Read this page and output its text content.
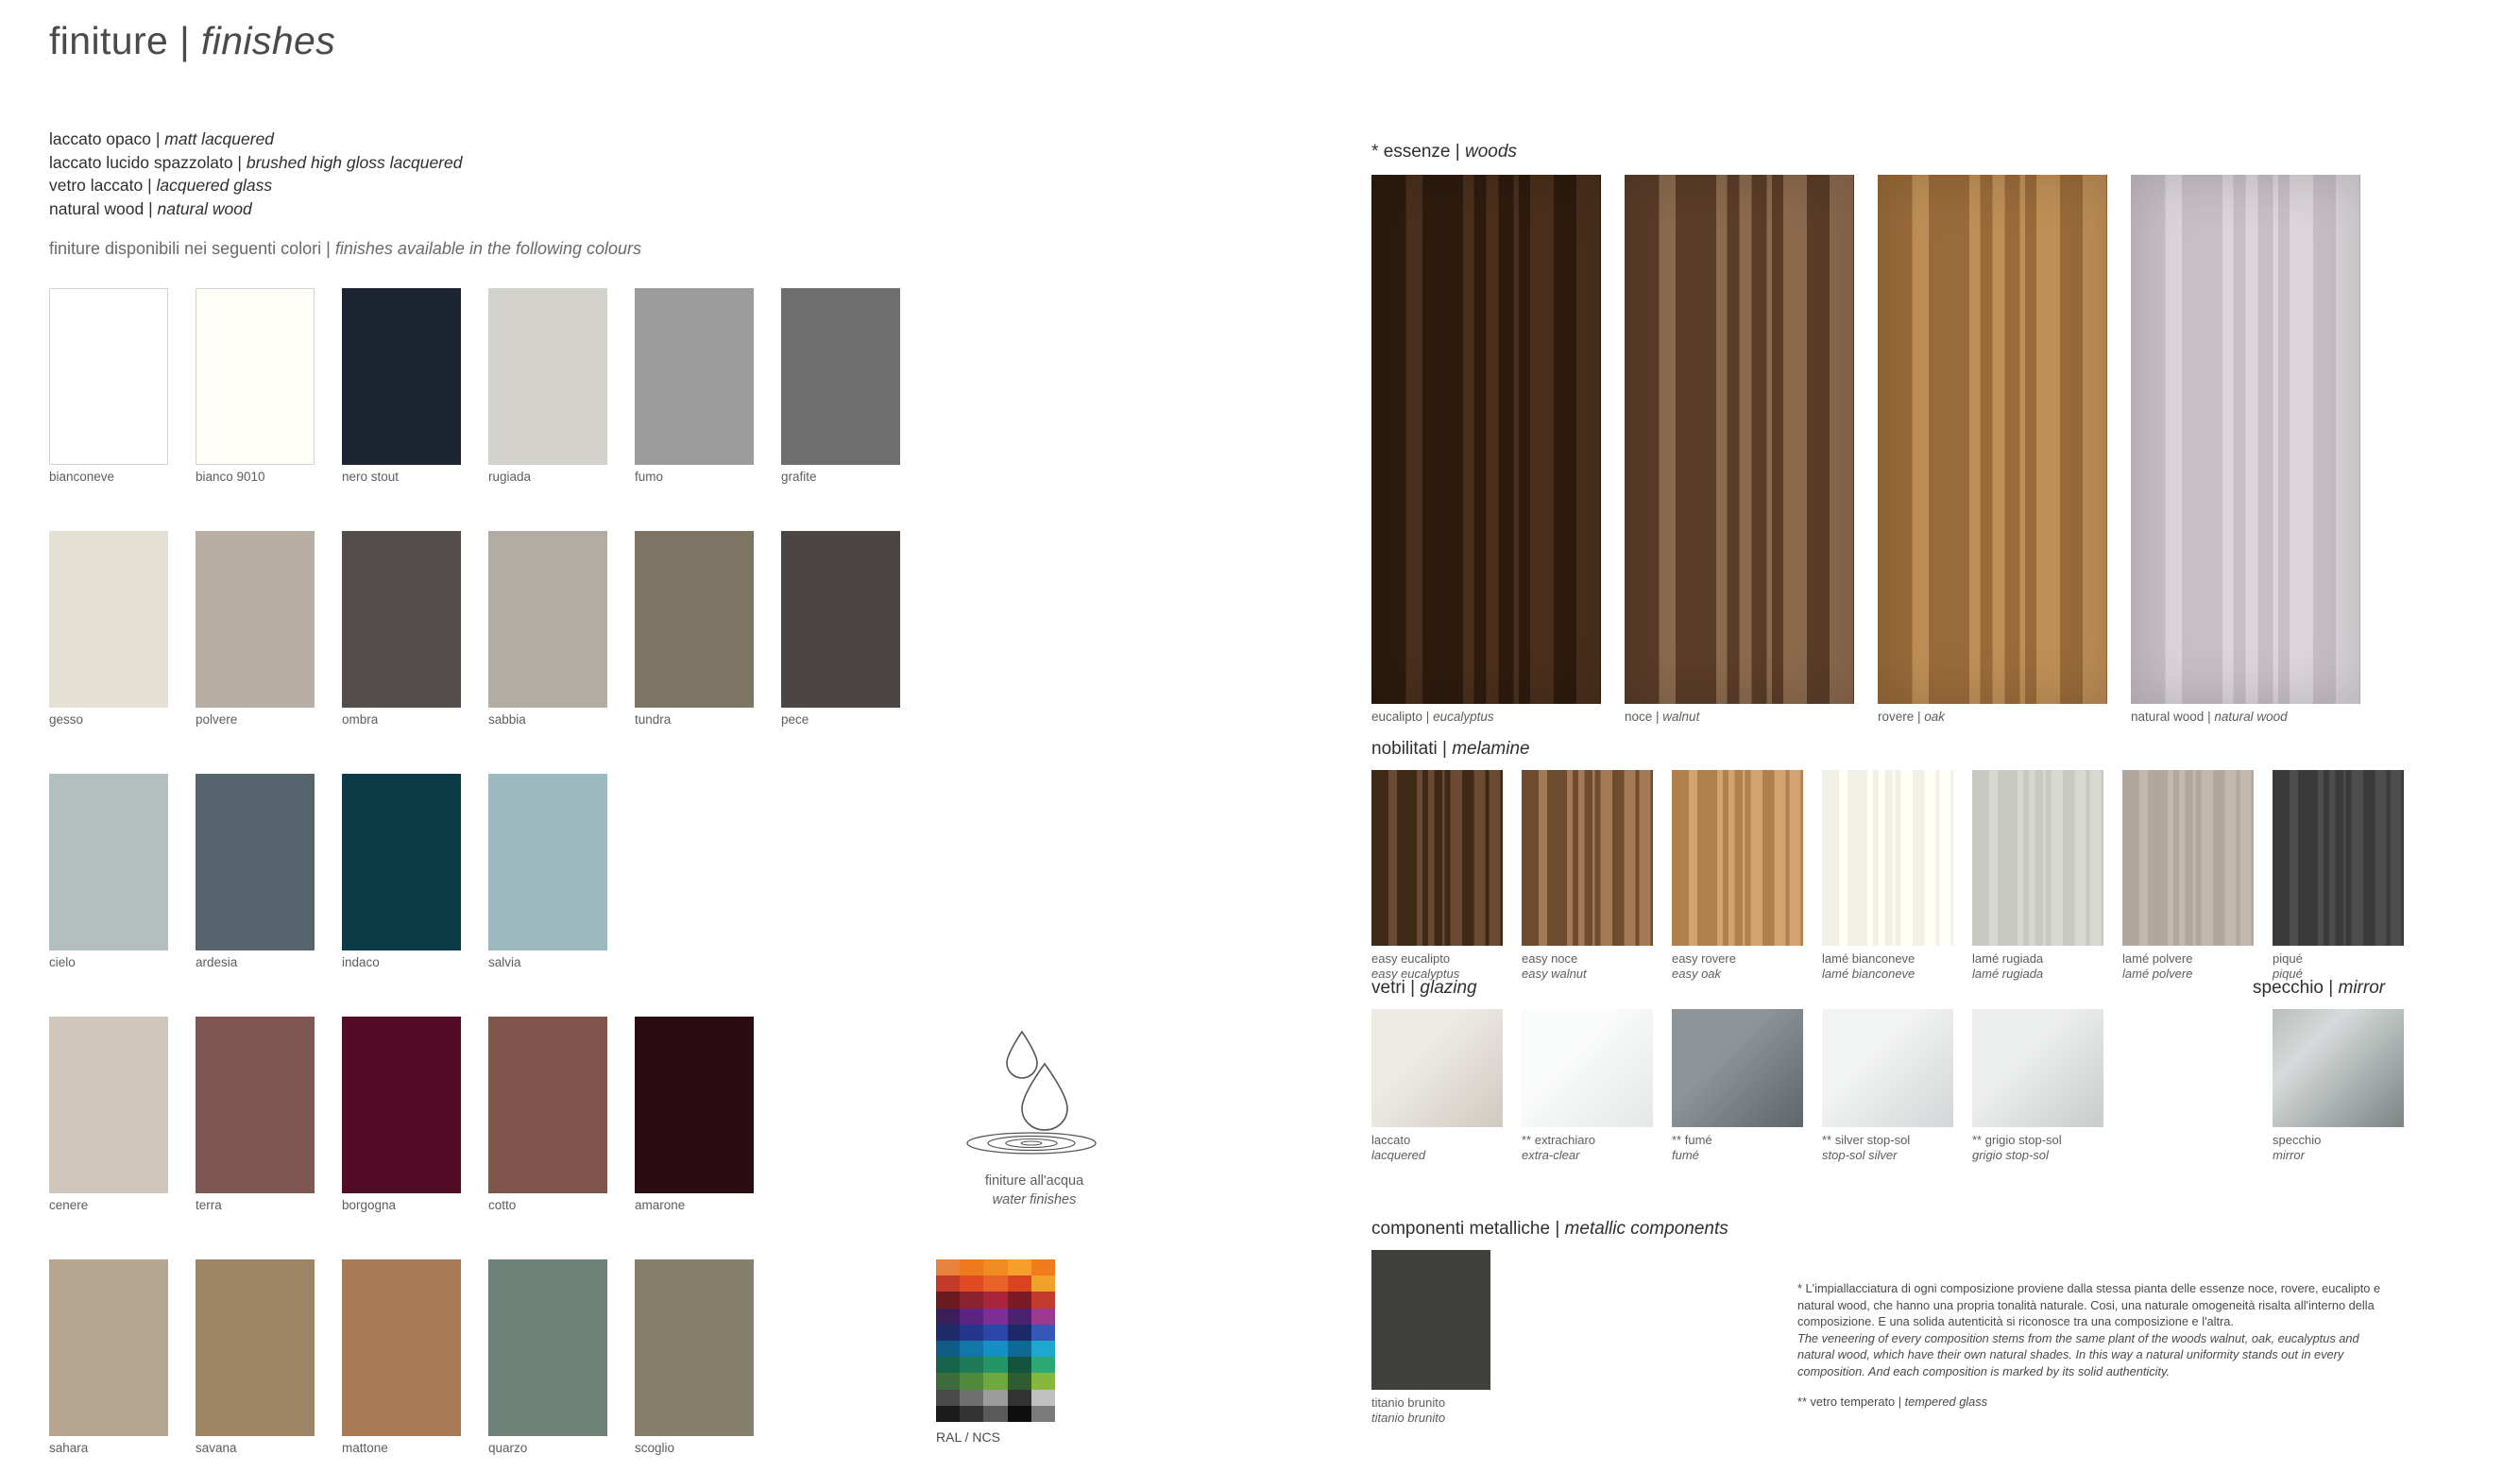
finiture | finishes
laccato opaco | matt lacquered
laccato lucido spazzolato | brushed high gloss lacquered
vetro laccato | lacquered glass
natural wood | natural wood
finiture disponibili nei seguenti colori | finishes available in the following colours
bianconeve	bianco 9010	nero stout	rugiada	fumo	grafite
gesso	polvere	ombra	sabbia	tundra	pece
cielo	ardesia	indaco	salvia
cenere	terra	borgogna	cotto	amarone
sahara	savana	mattone	quarzo	scoglio
finiture all'acqua
water finishes
RAL / NCS
* essenze | woods
nobilitati | melamine
vetri | glazing	specchio | mirror
componenti metalliche | metallic components
titanio brunito
titanio brunito

* L'impiallacciatura di ogni composizione proviene dalla stessa pianta delle essenze noce, rovere, eucalipto e natural wood, che hanno una propria tonalità naturale. Cosi, una naturale omogeneità risalta all'interno della composizione. E una solida autenticità si riconosce tra una composizione e l'altra.

The veneering of every composition stems from the same plant of the woods walnut, oak, eucalyptus and natural wood, which have their own natural shades. In this way a natural uniformity stands out in every composition. And each composition is marked by its solid authenticity.

** vetro temperato | tempered glass

eucalipto | eucalyptus	noce | walnut	rovere | oak	natural wood | natural wood
easy eucalipto
easy eucalyptus
easy noce
easy walnut
easy rovere
easy oak
lamé bianconeve
lamé bianconeve
lamé rugiada
lamé rugiada
lamé polvere
lamé polvere
piqué
piqué
laccato
lacquered
** extrachiaro
extra-clear
** fumé
fumé
** silver stop-sol
stop-sol silver
** grigio stop-sol
grigio stop-sol
specchio
mirror
